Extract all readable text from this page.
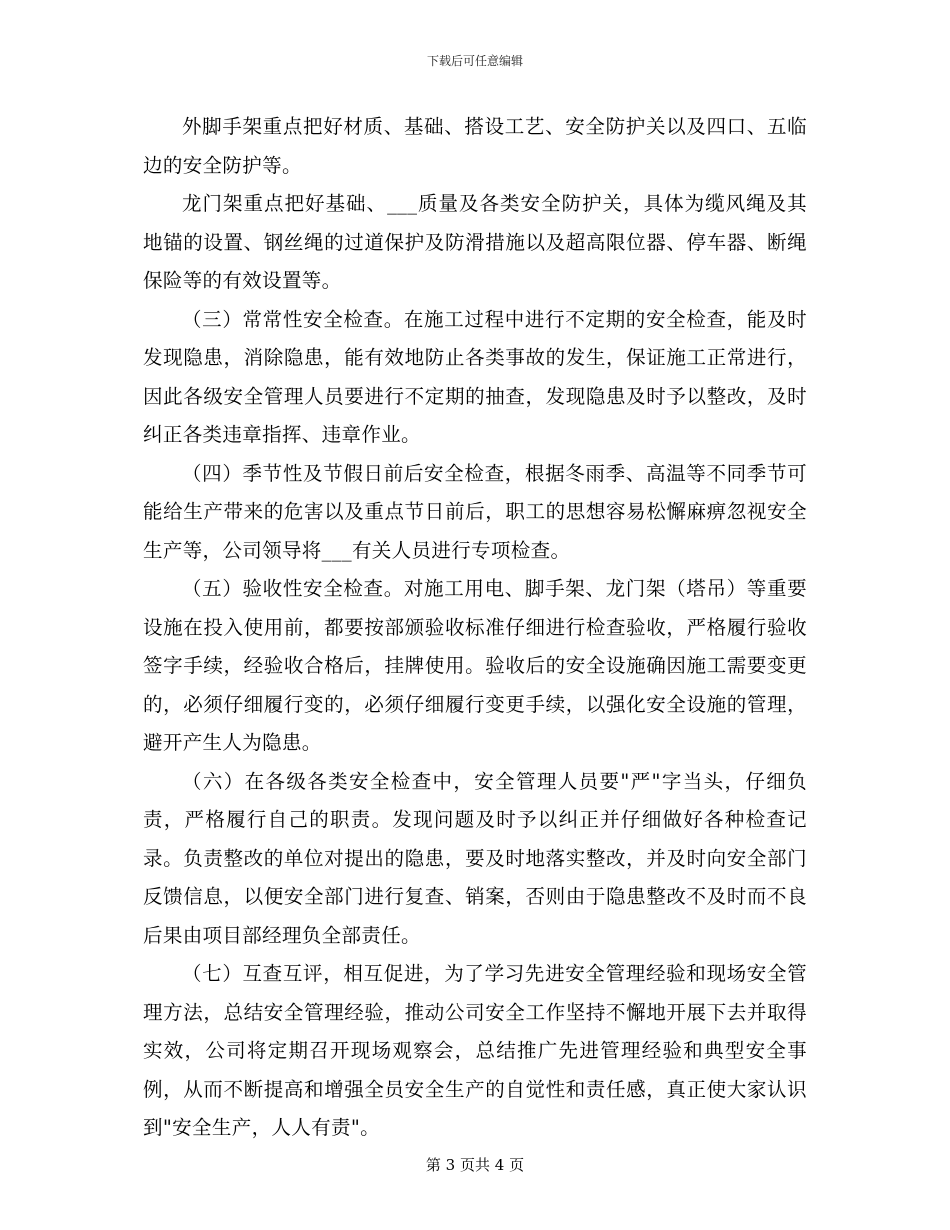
下载后可任意编辑

外脚手架重点把好材质、基础、搭设工艺、安全防护关以及四口、五临边的安全防护等。

龙门架重点把好基础、___质量及各类安全防护关，具体为缆风绳及其地锚的设置、钢丝绳的过道保护及防滑措施以及超高限位器、停车器、断绳保险等的有效设置等。

（三）常常性安全检查。在施工过程中进行不定期的安全检查，能及时发现隐患，消除隐患，能有效地防止各类事故的发生，保证施工正常进行，因此各级安全管理人员要进行不定期的抽查，发现隐患及时予以整改，及时纠正各类违章指挥、违章作业。

（四）季节性及节假日前后安全检查，根据冬雨季、高温等不同季节可能给生产带来的危害以及重点节日前后，职工的思想容易松懈麻痹忽视安全生产等，公司领导将___有关人员进行专项检查。

（五）验收性安全检查。对施工用电、脚手架、龙门架（塔吊）等重要设施在投入使用前，都要按部颁验收标准仔细进行检查验收，严格履行验收签字手续，经验收合格后，挂牌使用。验收后的安全设施确因施工需要变更的，必须仔细履行变的，必须仔细履行变更手续，以强化安全设施的管理，避开产生人为隐患。

（六）在各级各类安全检查中，安全管理人员要"严"字当头，仔细负责，严格履行自己的职责。发现问题及时予以纠正并仔细做好各种检查记录。负责整改的单位对提出的隐患，要及时地落实整改，并及时向安全部门反馈信息，以便安全部门进行复查、销案，否则由于隐患整改不及时而不良后果由项目部经理负全部责任。

（七）互查互评，相互促进，为了学习先进安全管理经验和现场安全管理方法，总结安全管理经验，推动公司安全工作坚持不懈地开展下去并取得实效，公司将定期召开现场观察会，总结推广先进管理经验和典型安全事例，从而不断提高和增强全员安全生产的自觉性和责任感，真正使大家认识到"安全生产，人人有责"。

第 3 页共 4 页
